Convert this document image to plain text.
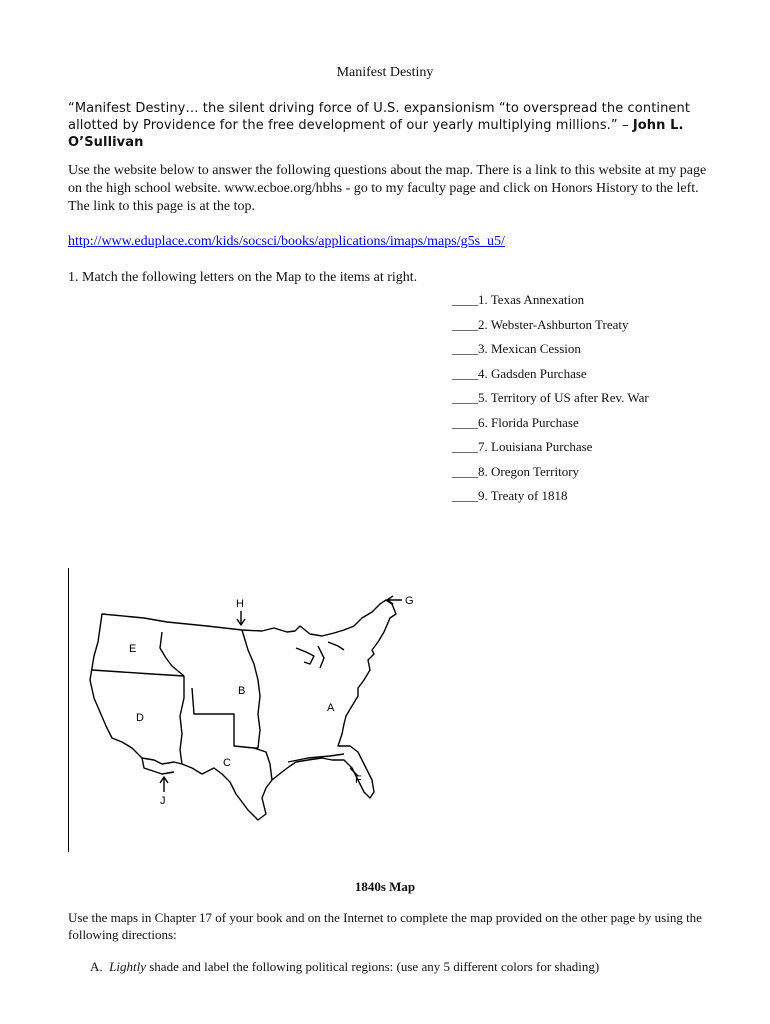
Manifest Destiny
“Manifest Destiny… the silent driving force of U.S. expansionism “to overspread the continent allotted by Providence for the free development of our yearly multiplying millions.” – John L. O’Sullivan
Use the website below to answer the following questions about the map. There is a link to this website at my page on the high school website. www.ecboe.org/hbhs - go to my faculty page and click on Honors History to the left. The link to this page is at the top.
http://www.eduplace.com/kids/socsci/books/applications/imaps/maps/g5s_u5/
1. Match the following letters on the Map to the items at right.
____1. Texas Annexation
____2. Webster-Ashburton Treaty
____3. Mexican Cession
____4. Gadsden Purchase
____5. Territory of US after Rev. War
____6. Florida Purchase
____7. Louisiana Purchase
____8. Oregon Territory
____9. Treaty of 1818
A
B
C
D
E
F
G
H
J
1840s Map
Use the maps in Chapter 17 of your book and on the Internet to complete the map provided on the other page by using the following directions:
A. Lightly shade and label the following political regions: (use any 5 different colors for shading)
